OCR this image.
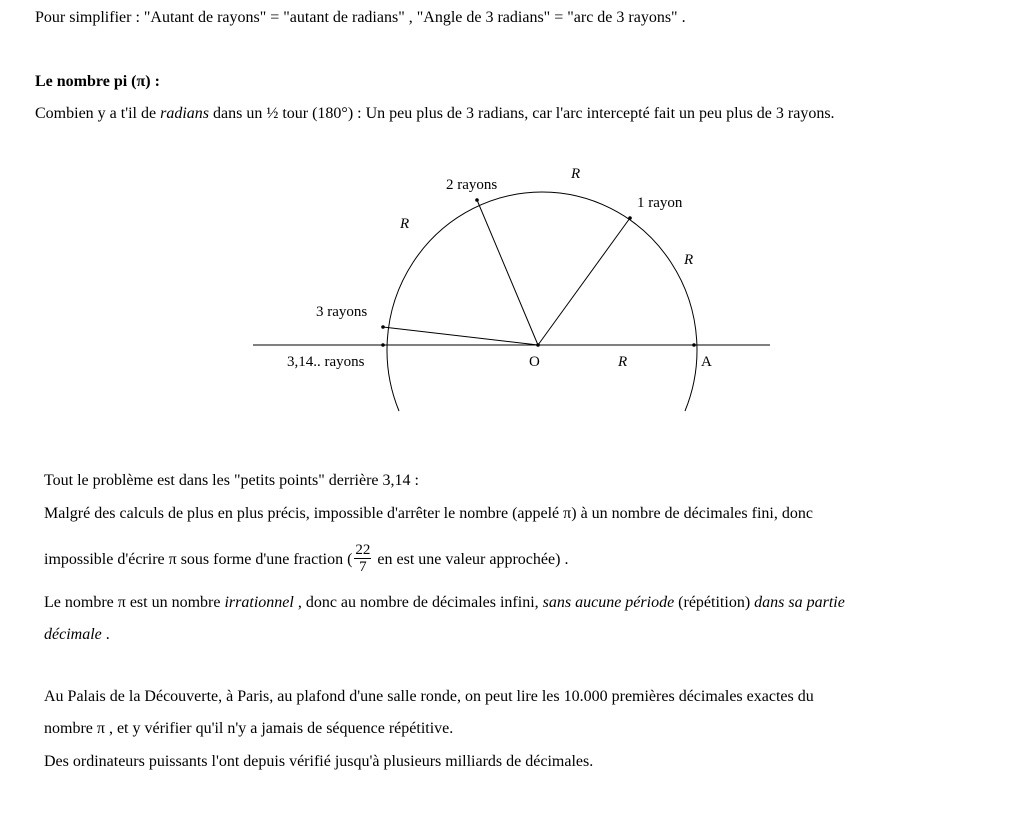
Pour simplifier : "Autant de rayons" = "autant de radians" , "Angle de 3 radians" = "arc de 3 rayons" .
Le nombre pi (π) :
Combien y a t'il de radians dans un ½ tour (180°) : Un peu plus de 3 radians, car l'arc intercepté fait un peu plus de 3 rayons.
2 rayons
1 rayon
3 rayons
3,14.. rayons	O	A
R
R
R
R
Tout le problème est dans les "petits points" derrière 3,14 :
Malgré des calculs de plus en plus précis, impossible d'arrêter le nombre (appelé π) à un nombre de décimales fini, donc
impossible d'écrire π sous forme d'une fraction ( $\frac{22}{7}$ en est une valeur approchée) .
Le nombre π est un nombre irrationnel , donc au nombre de décimales infini, sans aucune période (répétition) dans sa partie
décimale .
Au Palais de la Découverte, à Paris, au plafond d'une salle ronde, on peut lire les 10.000 premières décimales exactes du
nombre π , et y vérifier qu'il n'y a jamais de séquence répétitive.
Des ordinateurs puissants l'ont depuis vérifié jusqu'à plusieurs milliards de décimales.
